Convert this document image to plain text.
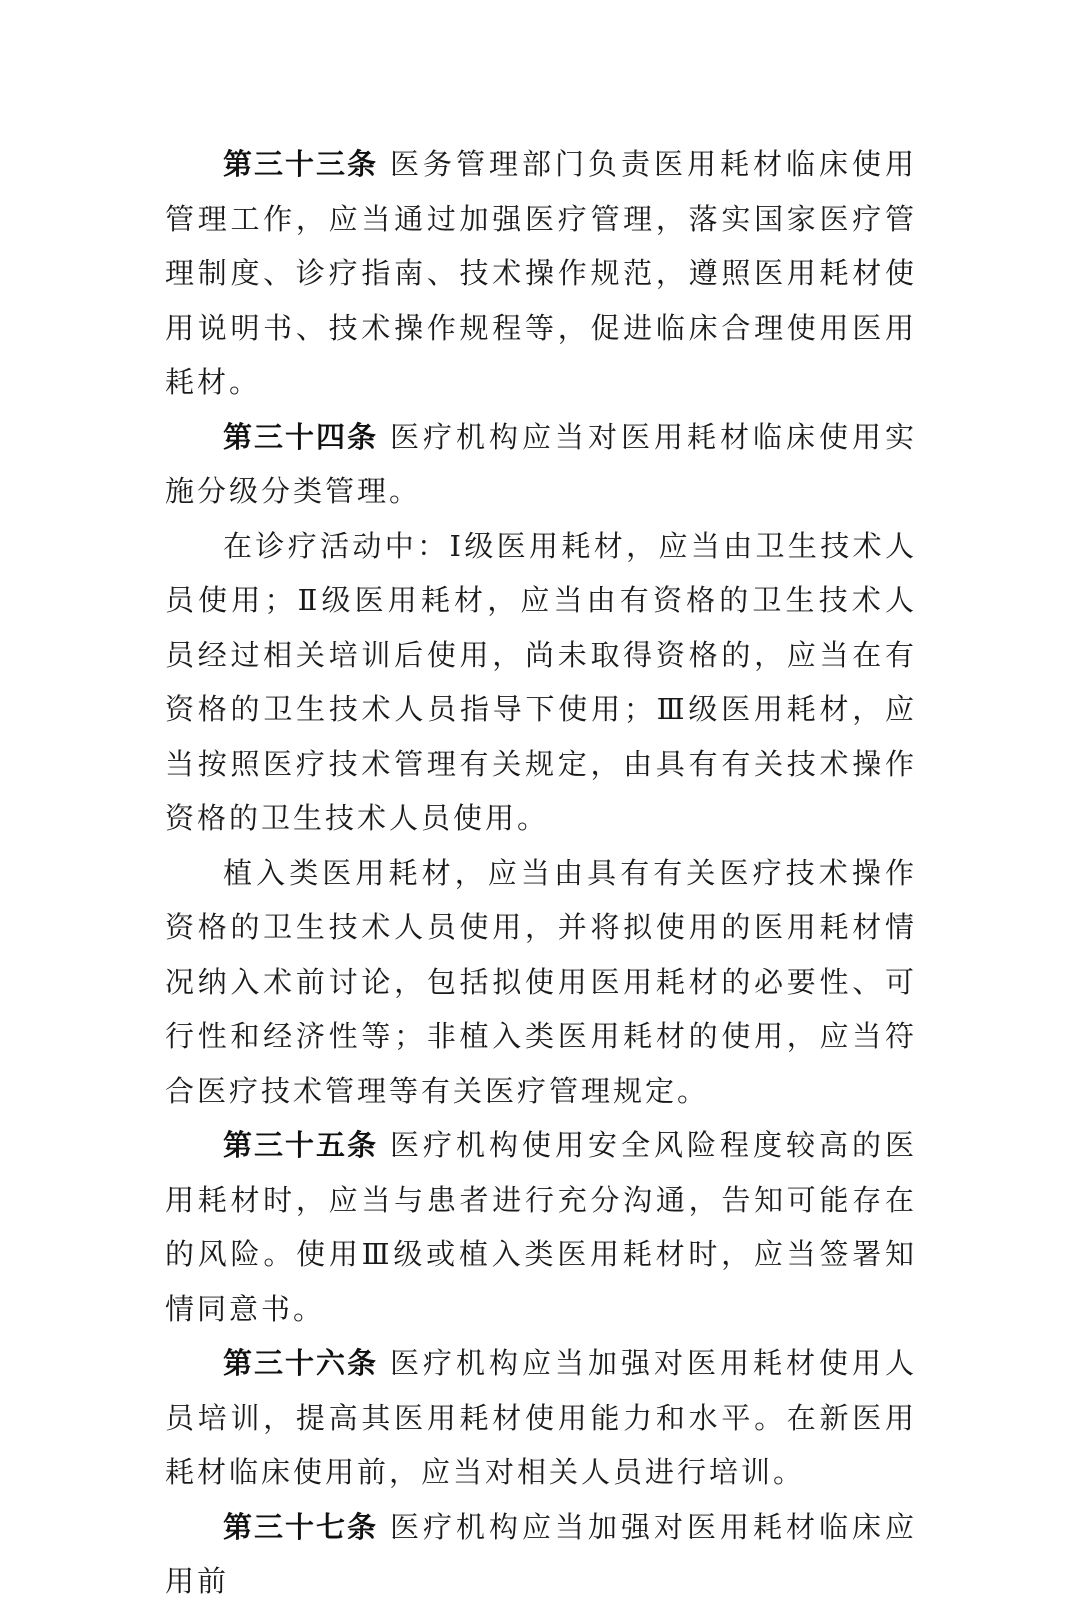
第三十三条 医务管理部门负责医用耗材临床使用管理工作，应当通过加强医疗管理，落实国家医疗管理制度、诊疗指南、技术操作规范，遵照医用耗材使用说明书、技术操作规程等，促进临床合理使用医用耗材。

第三十四条 医疗机构应当对医用耗材临床使用实施分级分类管理。

在诊疗活动中：Ⅰ级医用耗材，应当由卫生技术人员使用；Ⅱ级医用耗材，应当由有资格的卫生技术人员经过相关培训后使用，尚未取得资格的，应当在有资格的卫生技术人员指导下使用；Ⅲ级医用耗材，应当按照医疗技术管理有关规定，由具有有关技术操作资格的卫生技术人员使用。

植入类医用耗材，应当由具有有关医疗技术操作资格的卫生技术人员使用，并将拟使用的医用耗材情况纳入术前讨论，包括拟使用医用耗材的必要性、可行性和经济性等；非植入类医用耗材的使用，应当符合医疗技术管理等有关医疗管理规定。

第三十五条 医疗机构使用安全风险程度较高的医用耗材时，应当与患者进行充分沟通，告知可能存在的风险。使用Ⅲ级或植入类医用耗材时，应当签署知情同意书。

第三十六条 医疗机构应当加强对医用耗材使用人员培训，提高其医用耗材使用能力和水平。在新医用耗材临床使用前，应当对相关人员进行培训。

第三十七条 医疗机构应当加强对医用耗材临床应用前
